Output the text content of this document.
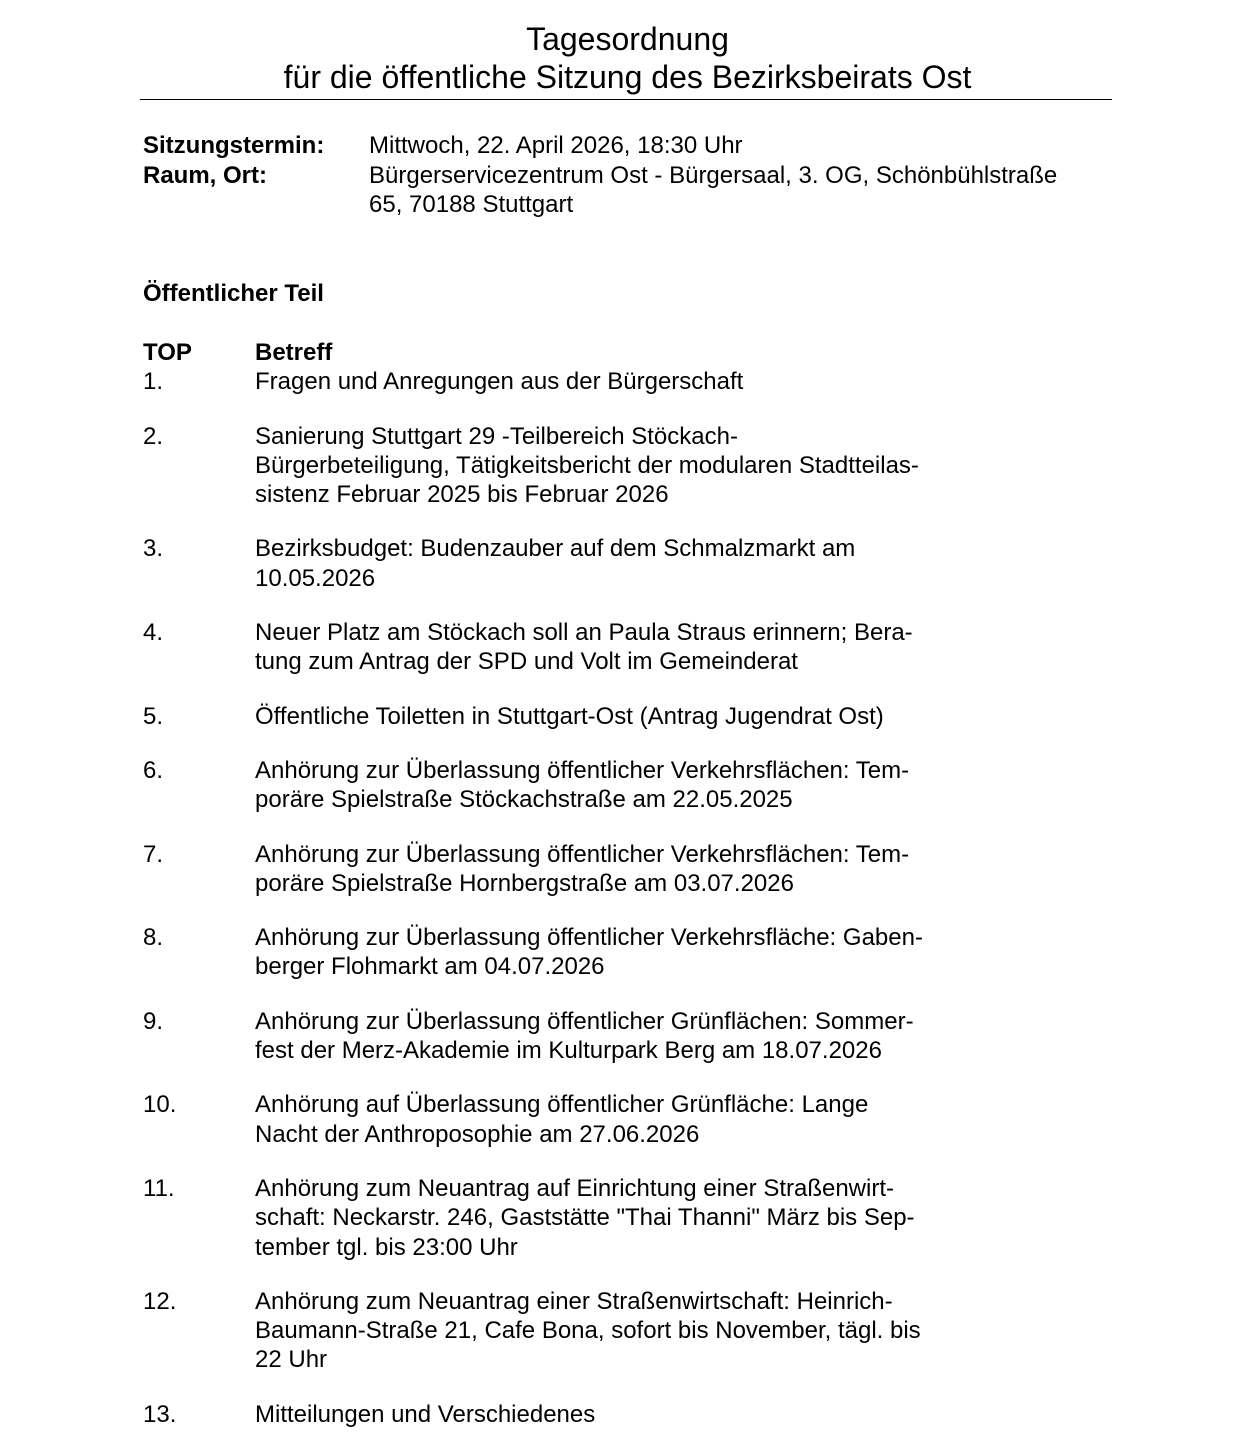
Tagesordnung
für die öffentliche Sitzung des Bezirksbeirats Ost
Sitzungstermin:	Mittwoch, 22. April 2026, 18:30 Uhr
Raum, Ort:	Bürgerservicezentrum Ost - Bürgersaal, 3. OG, Schönbühlstraße
65, 70188 Stuttgart
Öffentlicher Teil
TOP	Betreff
1.	Fragen und Anregungen aus der Bürgerschaft
2.	Sanierung Stuttgart 29 -Teilbereich Stöckach-
Bürgerbeteiligung, Tätigkeitsbericht der modularen Stadtteilas-
sistenz Februar 2025 bis Februar 2026
3.	Bezirksbudget: Budenzauber auf dem Schmalzmarkt am
10.05.2026
4.	Neuer Platz am Stöckach soll an Paula Straus erinnern; Bera-
tung zum Antrag der SPD und Volt im Gemeinderat
5.	Öffentliche Toiletten in Stuttgart-Ost (Antrag Jugendrat Ost)
6.	Anhörung zur Überlassung öffentlicher Verkehrsflächen: Tem-
poräre Spielstraße Stöckachstraße am 22.05.2025
7.	Anhörung zur Überlassung öffentlicher Verkehrsflächen: Tem-
poräre Spielstraße Hornbergstraße am 03.07.2026
8.	Anhörung zur Überlassung öffentlicher Verkehrsfläche: Gaben-
berger Flohmarkt am 04.07.2026
9.	Anhörung zur Überlassung öffentlicher Grünflächen: Sommer-
fest der Merz-Akademie im Kulturpark Berg am 18.07.2026
10.	Anhörung auf Überlassung öffentlicher Grünfläche: Lange
Nacht der Anthroposophie am 27.06.2026
11.	Anhörung zum Neuantrag auf Einrichtung einer Straßenwirt-
schaft: Neckarstr. 246, Gaststätte "Thai Thanni" März bis Sep-
tember tgl. bis 23:00 Uhr
12.	Anhörung zum Neuantrag einer Straßenwirtschaft: Heinrich-
Baumann-Straße 21, Cafe Bona, sofort bis November, tägl. bis
22 Uhr
13.	Mitteilungen und Verschiedenes
